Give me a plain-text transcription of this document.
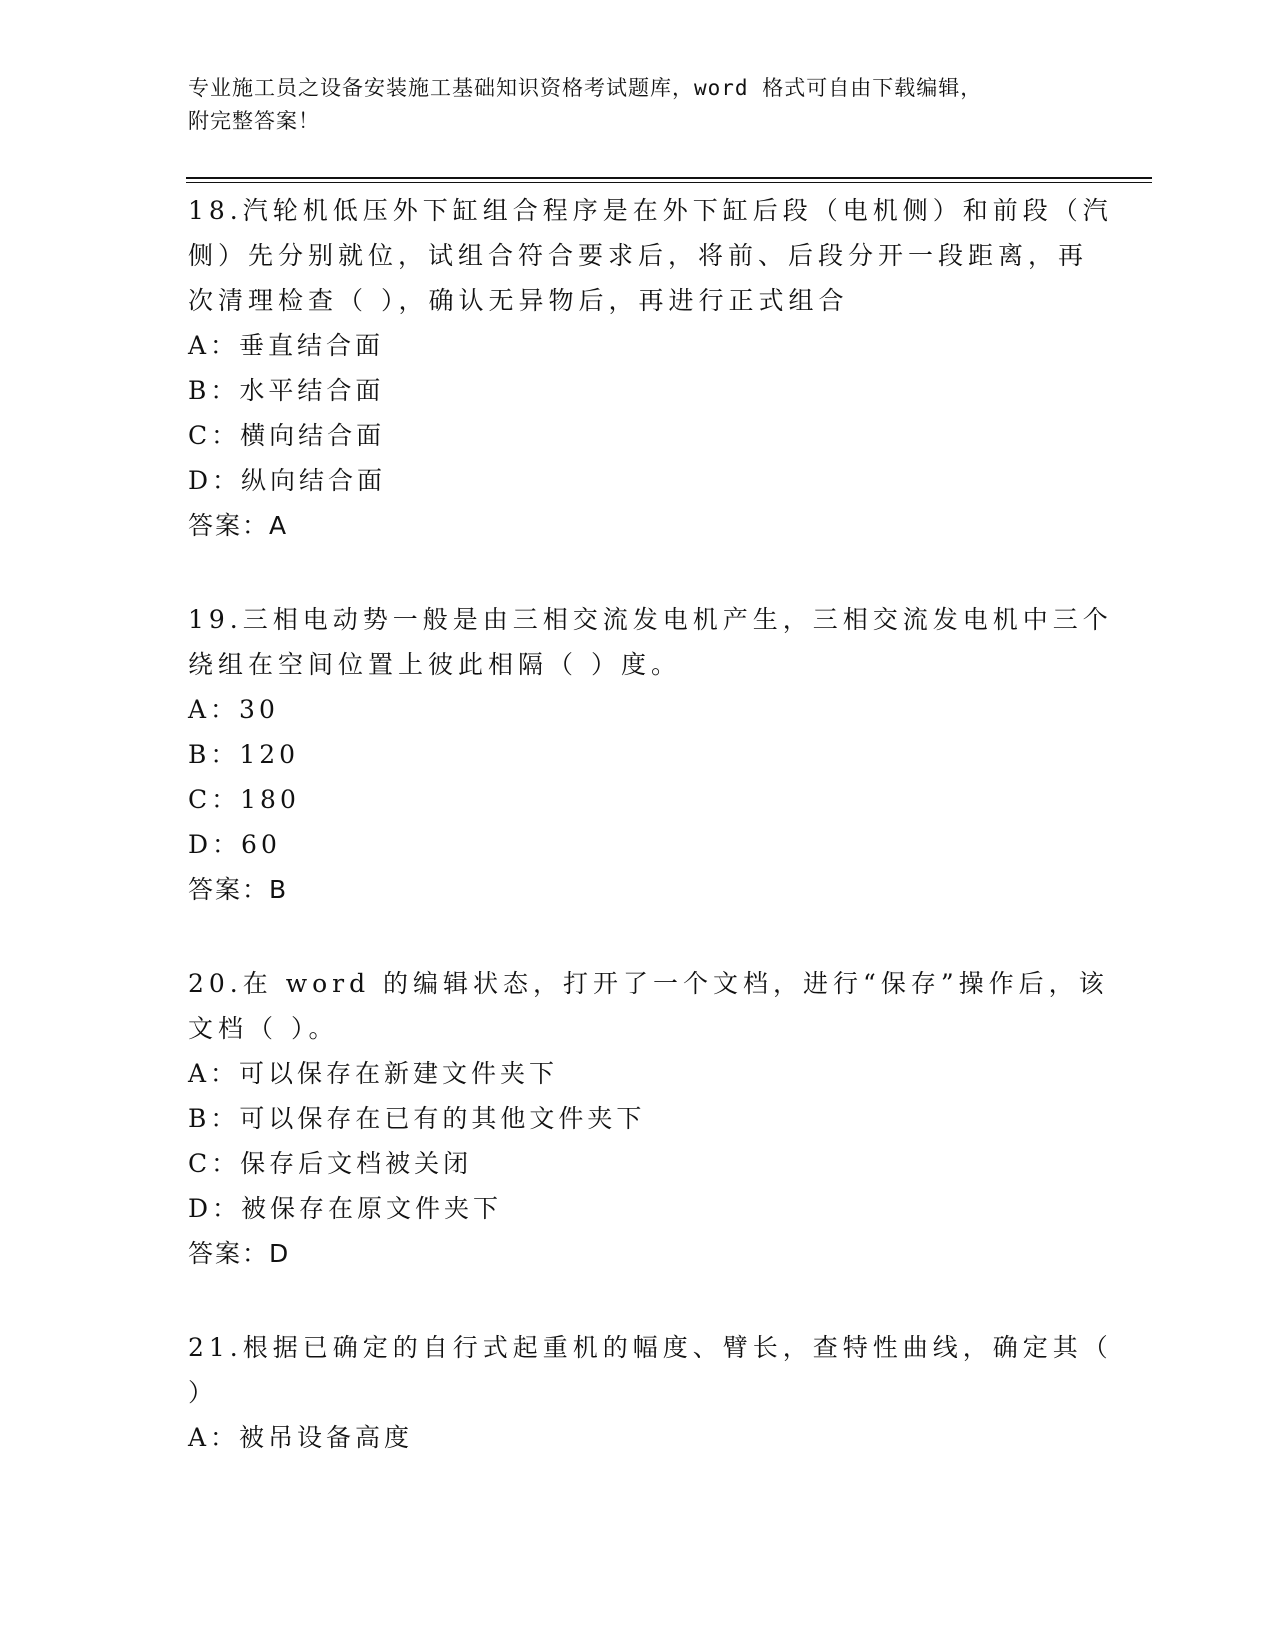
专业施工员之设备安装施工基础知识资格考试题库，word 格式可自由下载编辑，
附完整答案！
18.汽轮机低压外下缸组合程序是在外下缸后段（电机侧）和前段（汽
侧）先分别就位，试组合符合要求后，将前、后段分开一段距离，再
次清理检查（ ），确认无异物后，再进行正式组合
A：垂直结合面
B：水平结合面
C：横向结合面
D：纵向结合面
答案：A
19.三相电动势一般是由三相交流发电机产生，三相交流发电机中三个
绕组在空间位置上彼此相隔（ ）度。
A：30
B：120
C：180
D：60
答案：B
20.在 word 的编辑状态，打开了一个文档，进行“保存”操作后，该
文档（ ）。
A：可以保存在新建文件夹下
B：可以保存在已有的其他文件夹下
C：保存后文档被关闭
D：被保存在原文件夹下
答案：D
21.根据已确定的自行式起重机的幅度、臂长，查特性曲线，确定其（
）
A：被吊设备高度
